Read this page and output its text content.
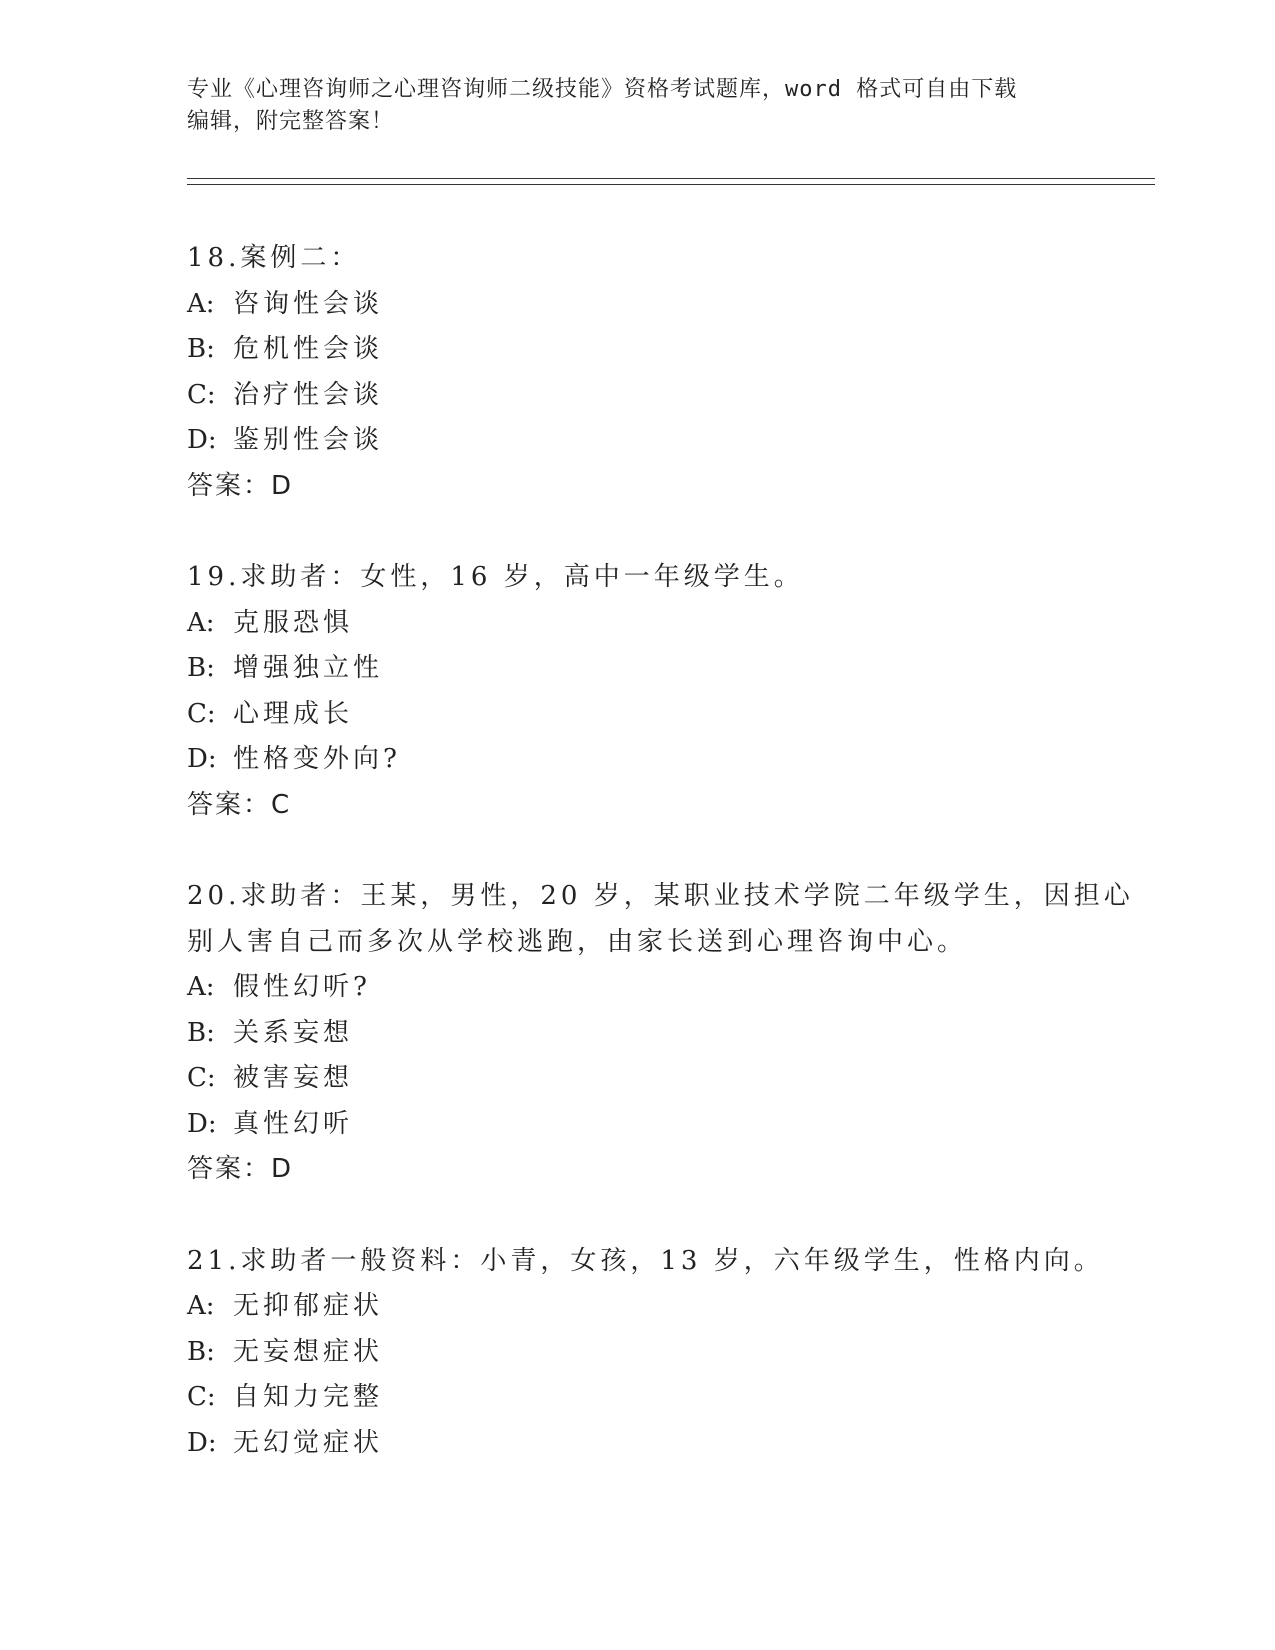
专业《心理咨询师之心理咨询师二级技能》资格考试题库，word 格式可自由下载
编辑，附完整答案！
18.案例二：
A: 咨询性会谈
B: 危机性会谈
C: 治疗性会谈
D: 鉴别性会谈
答案：D
19.求助者：女性，16 岁，高中一年级学生。
A: 克服恐惧
B: 增强独立性
C: 心理成长
D: 性格变外向?
答案：C
20.求助者：王某，男性，20 岁，某职业技术学院二年级学生，因担心
别人害自己而多次从学校逃跑，由家长送到心理咨询中心。
A: 假性幻听?
B: 关系妄想
C: 被害妄想
D: 真性幻听
答案：D
21.求助者一般资料：小青，女孩，13 岁，六年级学生，性格内向。
A: 无抑郁症状
B: 无妄想症状
C: 自知力完整
D: 无幻觉症状
